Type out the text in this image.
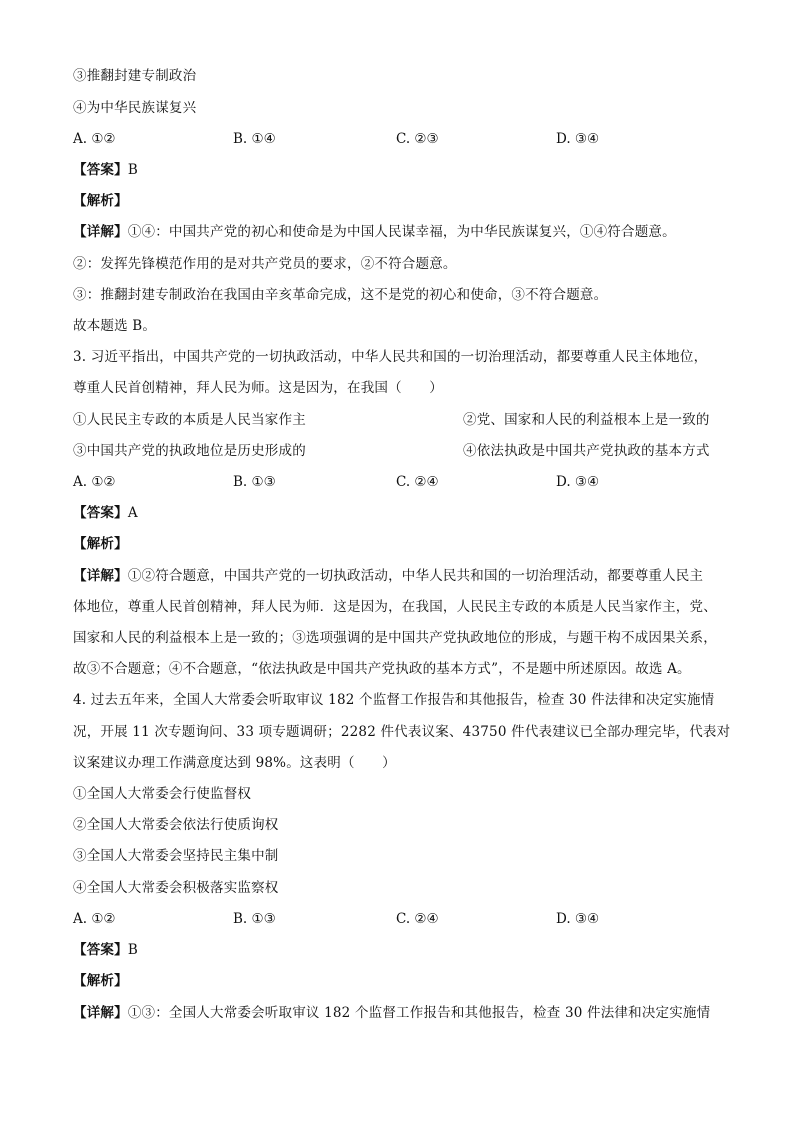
③推翻封建专制政治
④为中华民族谋复兴
A. ①②	B. ①④	C. ②③	D. ③④
【答案】B
【解析】
【详解】①④：中国共产党的初心和使命是为中国人民谋幸福，为中华民族谋复兴，①④符合题意。
②：发挥先锋模范作用的是对共产党员的要求，②不符合题意。
③：推翻封建专制政治在我国由辛亥革命完成，这不是党的初心和使命，③不符合题意。
故本题选 B。
3. 习近平指出，中国共产党的一切执政活动，中华人民共和国的一切治理活动，都要尊重人民主体地位，
尊重人民首创精神，拜人民为师。这是因为，在我国（　　）
①人民民主专政的本质是人民当家作主	②党、国家和人民的利益根本上是一致的
③中国共产党的执政地位是历史形成的	④依法执政是中国共产党执政的基本方式
A. ①②	B. ①③	C. ②④	D. ③④
【答案】A
【解析】
【详解】①②符合题意，中国共产党的一切执政活动，中华人民共和国的一切治理活动，都要尊重人民主
体地位，尊重人民首创精神，拜人民为师．这是因为，在我国，人民民主专政的本质是人民当家作主，党、
国家和人民的利益根本上是一致的；③选项强调的是中国共产党执政地位的形成，与题干构不成因果关系，
故③不合题意；④不合题意，“依法执政是中国共产党执政的基本方式”，不是题中所述原因。故选 A。
4. 过去五年来，全国人大常委会听取审议 182 个监督工作报告和其他报告，检查 30 件法律和决定实施情
况，开展 11 次专题询问、33 项专题调研；2282 件代表议案、43750 件代表建议已全部办理完毕，代表对
议案建议办理工作满意度达到 98%。这表明（　　）
①全国人大常委会行使监督权
②全国人大常委会依法行使质询权
③全国人大常委会坚持民主集中制
④全国人大常委会积极落实监察权
A. ①②	B. ①③	C. ②④	D. ③④
【答案】B
【解析】
【详解】①③：全国人大常委会听取审议 182 个监督工作报告和其他报告，检查 30 件法律和决定实施情
